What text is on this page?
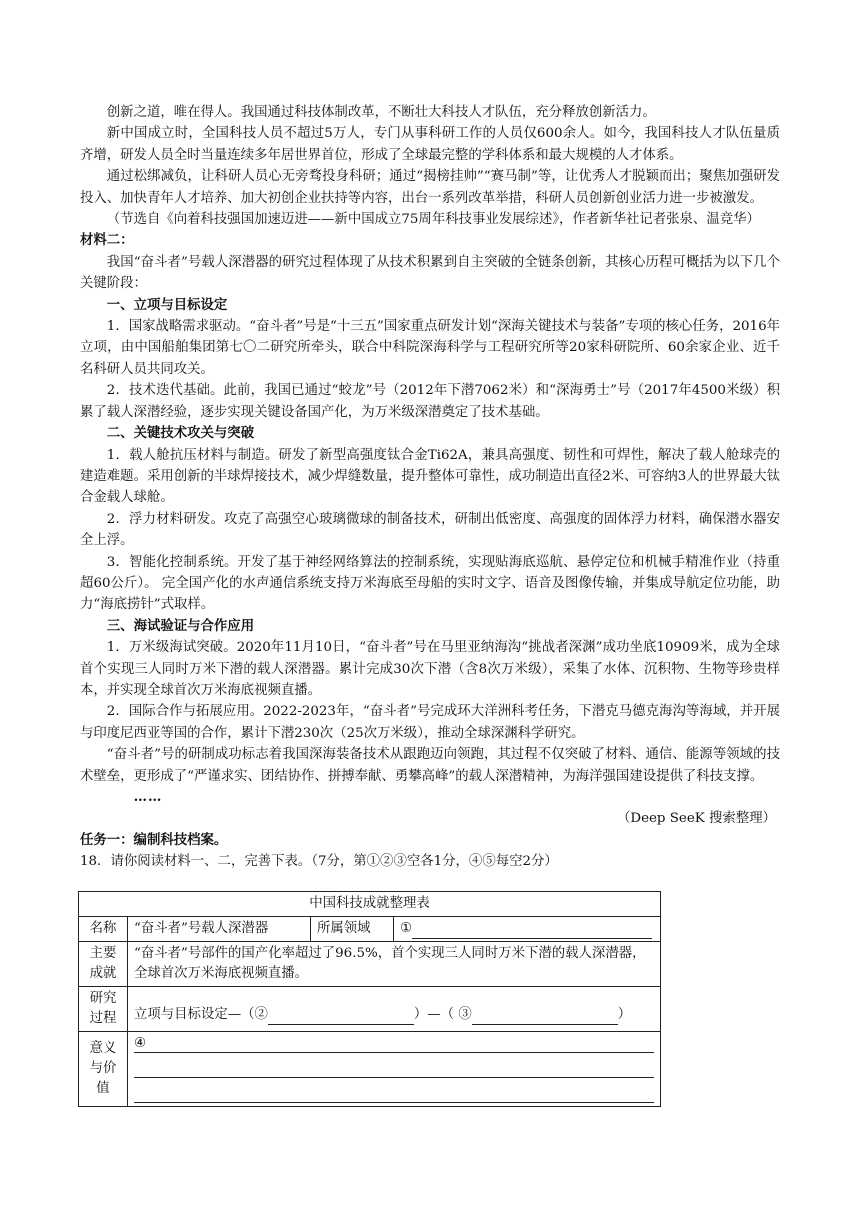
创新之道，唯在得人。我国通过科技体制改革，不断壮大科技人才队伍，充分释放创新活力。

新中国成立时，全国科技人员不超过5万人，专门从事科研工作的人员仅600余人。如今，我国科技人才队伍量质齐增，研发人员全时当量连续多年居世界首位，形成了全球最完整的学科体系和最大规模的人才体系。

通过松绑减负，让科研人员心无旁骛投身科研；通过“揭榜挂帅”“赛马制”等，让优秀人才脱颖而出；聚焦加强研发投入、加快青年人才培养、加大初创企业扶持等内容，出台一系列改革举措，科研人员创新创业活力进一步被激发。

（节选自《向着科技强国加速迈进——新中国成立75周年科技事业发展综述》，作者新华社记者张泉、温竞华）

材料二：

我国“奋斗者”号载人深潜器的研究过程体现了从技术积累到自主突破的全链条创新，其核心历程可概括为以下几个关键阶段：

一、立项与目标设定

1．国家战略需求驱动。“奋斗者”号是“十三五”国家重点研发计划“深海关键技术与装备”专项的核心任务，2016年立项，由中国船舶集团第七〇二研究所牵头，联合中科院深海科学与工程研究所等20家科研院所、60余家企业、近千名科研人员共同攻关。

2．技术迭代基础。此前，我国已通过“蛟龙”号（2012年下潜7062米）和“深海勇士”号（2017年4500米级）积累了载人深潜经验，逐步实现关键设备国产化，为万米级深潜奠定了技术基础。

二、关键技术攻关与突破

1．载人舱抗压材料与制造。研发了新型高强度钛合金Ti62A，兼具高强度、韧性和可焊性，解决了载人舱球壳的建造难题。采用创新的半球焊接技术，减少焊缝数量，提升整体可靠性，成功制造出直径2米、可容纳3人的世界最大钛合金载人球舱。

2．浮力材料研发。攻克了高强空心玻璃微球的制备技术，研制出低密度、高强度的固体浮力材料，确保潜水器安全上浮。

3．智能化控制系统。开发了基于神经网络算法的控制系统，实现贴海底巡航、悬停定位和机械手精准作业（持重超60公斤）。 完全国产化的水声通信系统支持万米海底至母船的实时文字、语音及图像传输，并集成导航定位功能，助力“海底捞针”式取样。

三、海试验证与合作应用

1．万米级海试突破。2020年11月10日，“奋斗者”号在马里亚纳海沟“挑战者深渊”成功坐底10909米，成为全球首个实现三人同时万米下潜的载人深潜器。累计完成30次下潜（含8次万米级），采集了水体、沉积物、生物等珍贵样本，并实现全球首次万米海底视频直播。

2．国际合作与拓展应用。2022-2023年，“奋斗者”号完成环大洋洲科考任务，下潜克马德克海沟等海域，并开展与印度尼西亚等国的合作，累计下潜230次（25次万米级），推动全球深渊科学研究。

“奋斗者”号的研制成功标志着我国深海装备技术从跟跑迈向领跑，其过程不仅突破了材料、通信、能源等领域的技术壁垒，更形成了“严谨求实、团结协作、拼搏奉献、勇攀高峰”的载人深潜精神，为海洋强国建设提供了科技支撑。

……

（Deep SeeK 搜索整理）

任务一：编制科技档案。

18．请你阅读材料一、二，完善下表。（7分，第①②③空各1分，④⑤每空2分）

中国科技成就整理表			
名称	“奋斗者”号载人深潜器	所属领域	①
主要成就	“奋斗者”号部件的国产化率超过了96.5%，首个实现三人同时万米下潜的载人深潜器，全球首次万米海底视频直播。		
研究过程	立项与目标设定—（② ）—（ ③ ）		
意义与价值	④		
